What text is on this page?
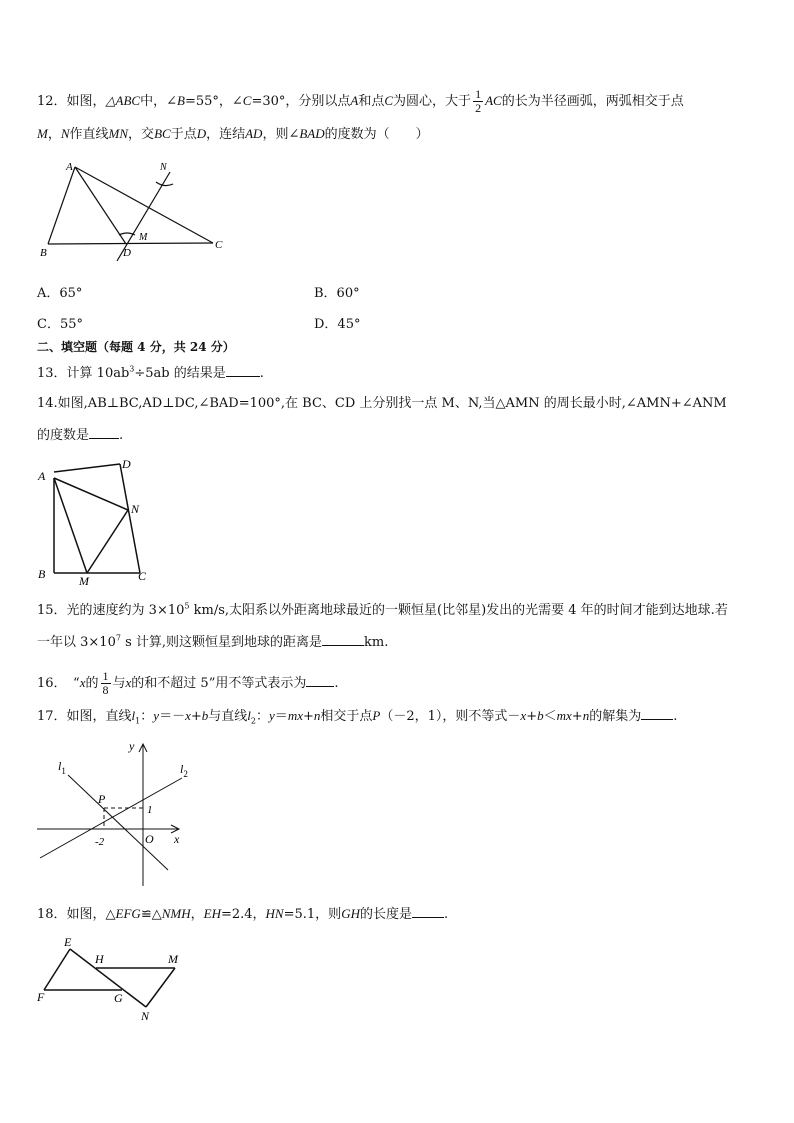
12．如图，△ABC中，∠B=55°，∠C=30°，分别以点A和点C为圆心，大于 $\frac{1}{2}$ AC的长为半径画弧，两弧相交于点
M，N作直线MN，交BC于点D，连结AD，则∠BAD的度数为（　　）
A
B
C
D
M
N
A．65°	B．60°
C．55°	D．45°
二、填空题（每题 4 分，共 24 分）
13．计算 $10ab^3\div 5ab$ 的结果是	.
14.如图,AB⊥BC,AD⊥DC,∠BAD=100°,在 BC、CD 上分别找一点 M、N,当△AMN 的周长最小时,∠AMN+∠ANM
的度数是 .
A
B	C
D
M
N
15．光的速度约为 $3\times 10^5$ km/s,太阳系以外距离地球最近的一颗恒星(比邻星)发出的光需要 4 年的时间才能到达地球.若
一年以 $3\times 10^7$ s 计算,则这颗恒星到地球的距离是	km.
16．　“x的 $\frac{1}{8}$ 与x的和不超过 5”用不等式表示为 .
17．如图，直线$l_1$：y＝－x+b与直线$l_2$：y＝mx+n相交于点P（－2，1），则不等式－x+b＜mx+n的解集为 .
y
x
O
P
$l_1$	$l_2$
1
-2
18．如图，△EFG≌△NMH，EH=2.4，HN=5.1，则GH的长度是 .
E
F	G
H	M
N
